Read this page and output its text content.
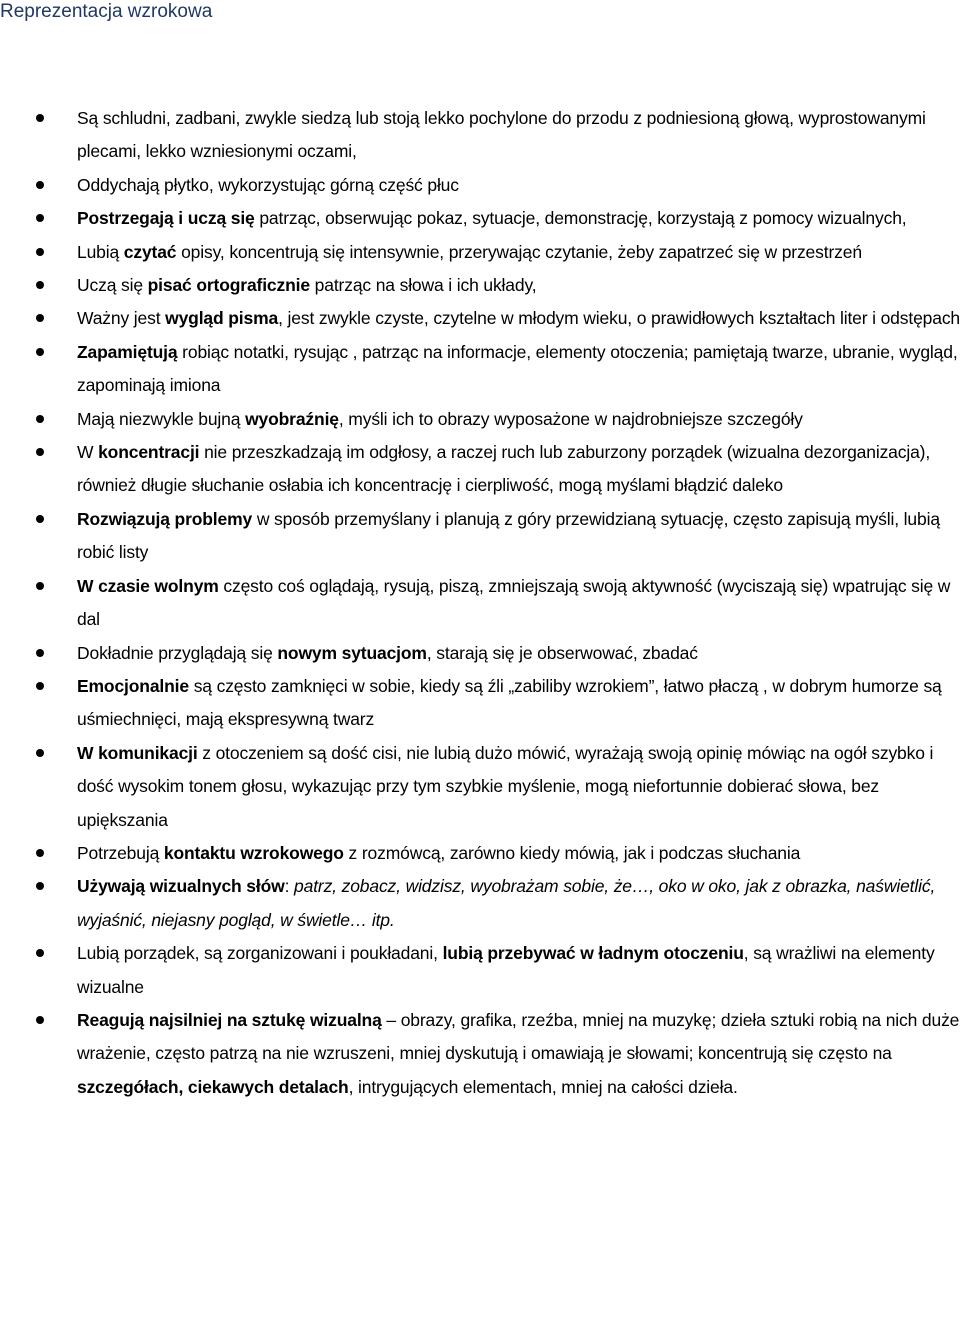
Reprezentacja wzrokowa
Są schludni, zadbani, zwykle siedzą lub stoją lekko pochylone do przodu z podniesioną głową, wyprostowanymi plecami, lekko wzniesionymi oczami,
Oddychają płytko, wykorzystując górną część płuc
Postrzegają i uczą się patrząc, obserwując pokaz, sytuacje, demonstrację, korzystają z pomocy wizualnych,
Lubią czytać opisy, koncentrują się intensywnie, przerywając czytanie, żeby zapatrzeć się w przestrzeń
Uczą się pisać ortograficznie patrząc na słowa i ich układy,
Ważny jest wygląd pisma, jest zwykle czyste, czytelne w młodym wieku, o prawidłowych kształtach liter i odstępach
Zapamiętują robiąc notatki, rysując , patrząc na informacje, elementy otoczenia; pamiętają twarze, ubranie, wygląd, zapominają imiona
Mają niezwykle bujną wyobraźnię, myśli ich to obrazy wyposażone w najdrobniejsze szczegóły
W koncentracji nie przeszkadzają im odgłosy, a raczej ruch lub zaburzony porządek (wizualna dezorganizacja), również długie słuchanie osłabia ich koncentrację i cierpliwość, mogą myślami błądzić daleko
Rozwiązują problemy w sposób przemyślany i planują z góry przewidzianą sytuację, często zapisują myśli, lubią robić listy
W czasie wolnym często coś oglądają, rysują, piszą, zmniejszają swoją aktywność (wyciszają się) wpatrując się w dal
Dokładnie przyglądają się nowym sytuacjom, starają się je obserwować, zbadać
Emocjonalnie są często zamknięci w sobie, kiedy są źli „zabiliby wzrokiem”, łatwo płaczą , w dobrym humorze są uśmiechnięci, mają ekspresywną twarz
W komunikacji z otoczeniem są dość cisi, nie lubią dużo mówić, wyrażają swoją opinię mówiąc na ogół szybko i dość wysokim tonem głosu, wykazując przy tym szybkie myślenie, mogą niefortunnie dobierać słowa, bez upiększania
Potrzebują kontaktu wzrokowego z rozmówcą, zarówno kiedy mówią, jak i podczas słuchania
Używają wizualnych słów: patrz, zobacz, widzisz, wyobrażam sobie, że…, oko w oko, jak z obrazka, naświetlić, wyjaśnić, niejasny pogląd, w świetle… itp.
Lubią porządek, są zorganizowani i poukładani, lubią przebywać w ładnym otoczeniu, są wrażliwi na elementy wizualne
Reagują najsilniej na sztukę wizualną – obrazy, grafika, rzeźba, mniej na muzykę; dzieła sztuki robią na nich duże wrażenie, często patrzą na nie wzruszeni, mniej dyskutują i omawiają je słowami; koncentrują się często na szczegółach, ciekawych detalach, intrygujących elementach, mniej na całości dzieła.
